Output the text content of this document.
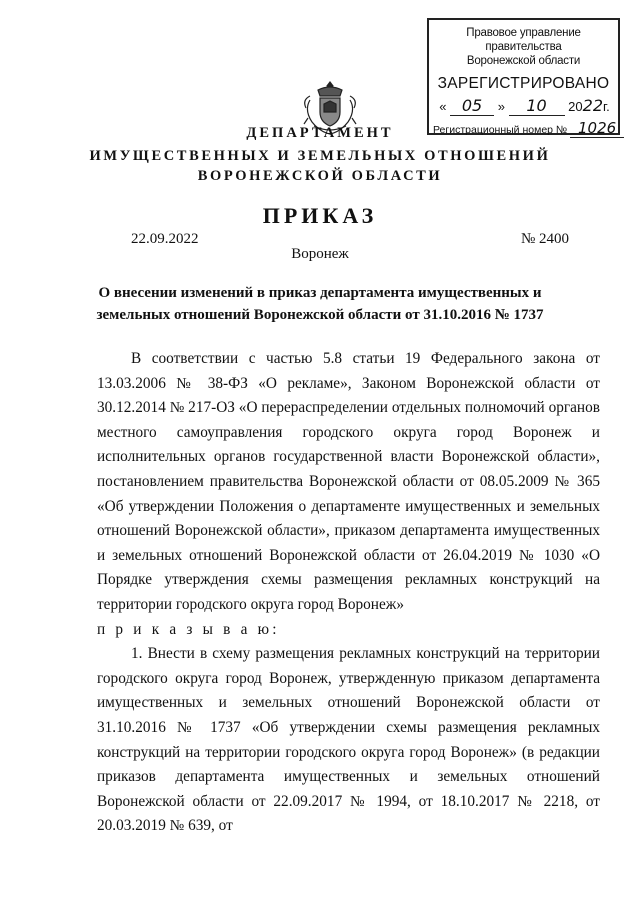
Правовое управление правительства
Воронежской области
ЗАРЕГИСТРИРОВАНО
« 05 » 10 2022г.
Регистрационный номер № 1026
ДЕПАРТАМЕНТ
ИМУЩЕСТВЕННЫХ И ЗЕМЕЛЬНЫХ ОТНОШЕНИЙ
ВОРОНЕЖСКОЙ ОБЛАСТИ
ПРИКАЗ
22.09.2022	№ 2400
Воронеж
О внесении изменений в приказ департамента имущественных и
земельных отношений Воронежской области от 31.10.2016 № 1737

В соответствии с частью 5.8 статьи 19 Федерального закона от 13.03.2006 № 38-ФЗ «О рекламе», Законом Воронежской области от 30.12.2014 № 217-ОЗ «О перераспределении отдельных полномочий органов местного самоуправления городского округа город Воронеж и исполнительных органов государственной власти Воронежской области», постановлением правительства Воронежской области от 08.05.2009 № 365 «Об утверждении Положения о департаменте имущественных и земельных отношений Воронежской области», приказом департамента имущественных и земельных отношений Воронежской области от 26.04.2019 № 1030 «О Порядке утверждения схемы размещения рекламных конструкций на территории городского округа город Воронеж»

п р и к а з ы в а ю:

1. Внести в схему размещения рекламных конструкций на территории городского округа город Воронеж, утвержденную приказом департамента имущественных и земельных отношений Воронежской области от 31.10.2016 № 1737 «Об утверждении схемы размещения рекламных конструкций на территории городского округа город Воронеж» (в редакции приказов департамента имущественных и земельных отношений Воронежской области от 22.09.2017 № 1994, от 18.10.2017 № 2218, от 20.03.2019 № 639, от
